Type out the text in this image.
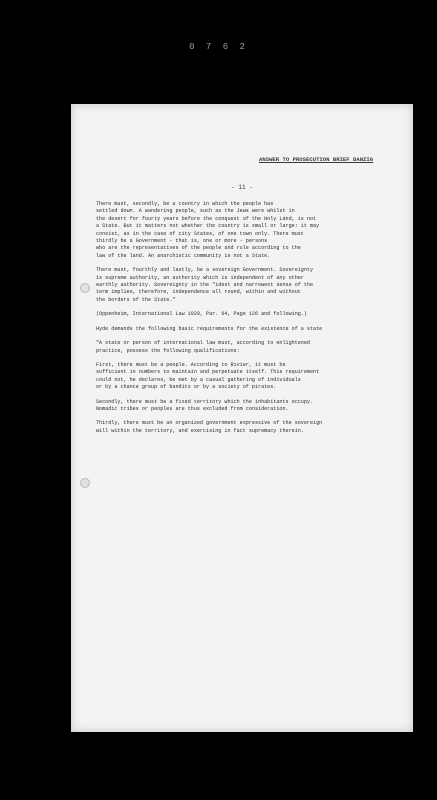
0 7 6 2
ANSWER TO PROSECUTION BRIEF DANZIG
- 11 -

There must, secondly, be a country in which the people has
settled down. A wandering people, such as the Jews were whilst in
the desert for fourty years before the conquest of the Holy Land, is not
a State. But it matters not whether the country is small or large: it may
consist, as in the case of city States, of one town only. There must
thirdly be a Government - that is, one or more - persons
who are the representatives of the people and rule according to the
law of the land. An anarchistic community is not a State.

There must, fourthly and lastly, be a sovereign Government. Sovereignty
is supreme authority, an authority which is independent of any other
earthly authority. Sovereignty in the "idest and narrowest sense of the
term implies, therefore, independence all round, within and without
the borders of the State."

(Oppenheim, International Law 1920, Par. 64, Page 126 and following.)

Hyde demands the following basic requirements for the existence of a state

"A state or person of international law must, according to enlightened
practice, possess the following qualifications:

First, there must be a people. According to Rivier, it must be
sufficient in numbers to maintain and perpetuate itself. This requirement
could not, he declares, be met by a casual gathering of individuals
or by a chance group of bandits or by a society of pirates.

Secondly, there must be a fixed territory which the inhabitants occupy.
Nomadic tribes or peoples are thus excluded from consideration.

Thirdly, there must be an organized government expressive of the sovereign
will within the territory, and exercising in fact supremacy therein.
